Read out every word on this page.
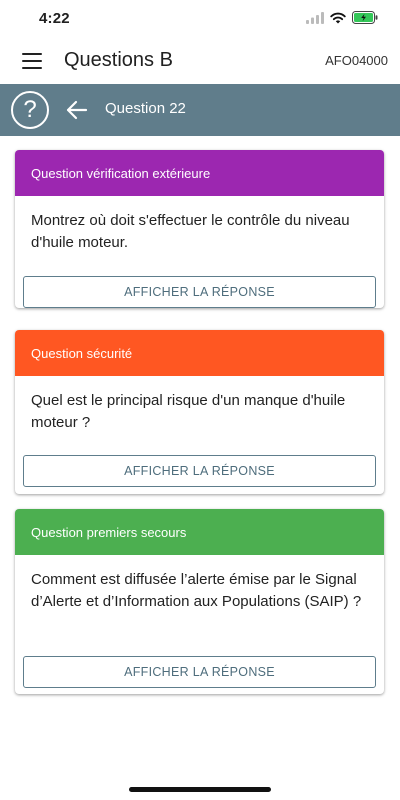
4:22
Questions B	AFO04000
?	Question 22
Question vérification extérieure
Montrez où doit s'effectuer le contrôle du niveau d'huile moteur.
AFFICHER LA RÉPONSE
Question sécurité
Quel est le principal risque d'un manque d'huile moteur ?
AFFICHER LA RÉPONSE
Question premiers secours
Comment est diffusée l’alerte émise par le Signal d’Alerte et d’Information aux Populations (SAIP) ?
AFFICHER LA RÉPONSE
